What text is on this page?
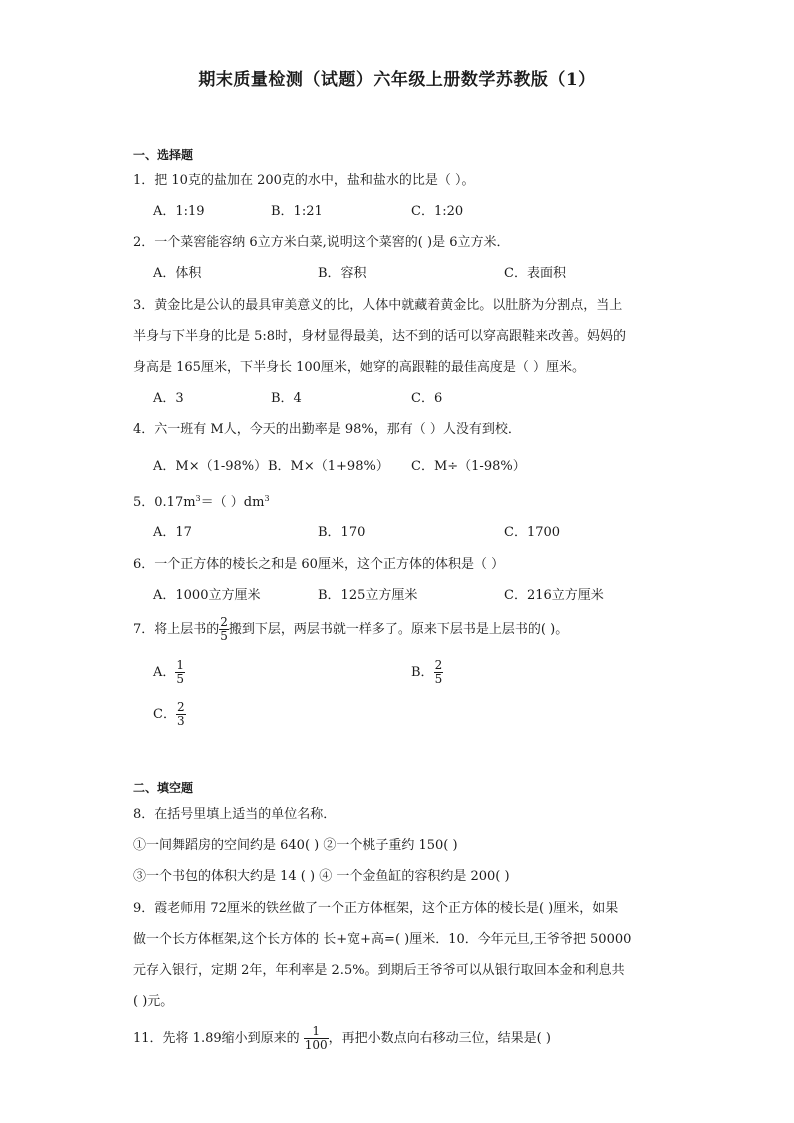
期末质量检测（试题）六年级上册数学苏教版（1）
一、选择题
1．把 10克的盐加在 200克的水中，盐和盐水的比是（ ）。
A．1:19	B．1:21	C．1:20
2．一个菜窖能容纳 6立方米白菜,说明这个菜窖的( )是 6立方米．
A．体积	B．容积	C．表面积
3．黄金比是公认的最具审美意义的比，人体中就藏着黄金比。以肚脐为分割点，当上
半身与下半身的比是 5:8时，身材显得最美，达不到的话可以穿高跟鞋来改善。妈妈的
身高是 165厘米，下半身长 100厘米，她穿的高跟鞋的最佳高度是（ ）厘米。
A．3	B．4	C．6
4．六一班有 M人，今天的出勤率是 98%，那有（ ）人没有到校．
A．M×（1-98%） B．M×（1+98%） C．M÷（1-98%）
5．$0.17m^3=$（ ）$dm^3$
A．17	B．170	C．1700
6．一个正方体的棱长之和是 60厘米，这个正方体的体积是（ ）
A．1000立方厘米	B．125立方厘米	C．216立方厘米
7．将上层书的 $\frac{2}{5}$ 搬到下层，两层书就一样多了。原来下层书是上层书的( )。
A． $\frac{1}{5}$	B． $\frac{2}{5}$
C． $\frac{2}{3}$
二、填空题
8．在括号里填上适当的单位名称．
①一间舞蹈房的空间约是 640( ) ②一个桃子重约 150( )
③一个书包的体积大约是 14 ( ) ④ 一个金鱼缸的容积约是 200( )
9．霞老师用 72厘米的铁丝做了一个正方体框架，这个正方体的棱长是( )厘米，如果
做一个长方体框架,这个长方体的 长+宽+高=( )厘米．10．今年元旦,王爷爷把 50000
元存入银行，定期 2年，年利率是 2.5%。到期后王爷爷可以从银行取回本金和利息共
( )元。
11．先将 1.89缩小到原来的 $\frac{1}{100}$ ，再把小数点向右移动三位，结果是( )
